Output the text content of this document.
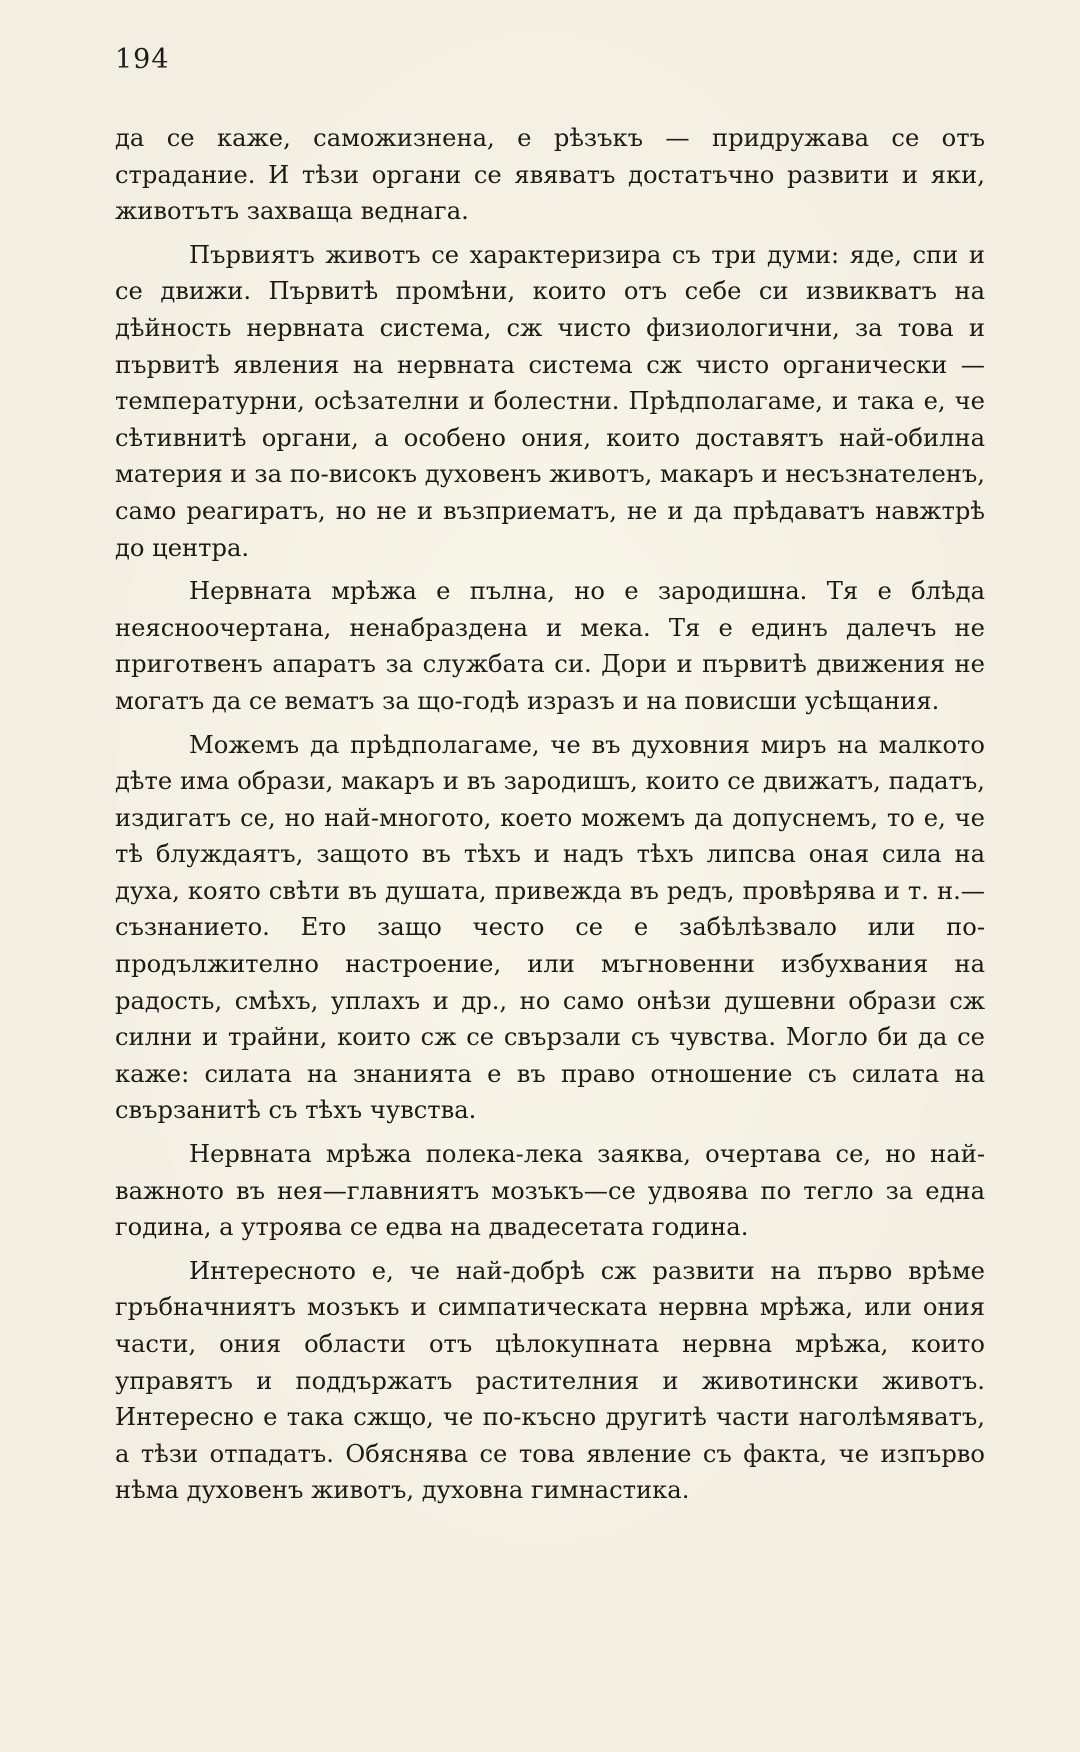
194

да се каже, саможизнена, е рѣзъкъ — придружава се отъ страдание. И тѣзи органи се явяватъ достатъчно развити и яки, животътъ захваща веднага.

Първиятъ животъ се характеризира съ три думи: яде, спи и се движи. Първитѣ промѣни, които отъ себе си извикватъ на дѣйность нервната система, сж чисто физиологични, за това и първитѣ явления на нервната система сж чисто органически — температурни, осѣзателни и болестни. Прѣдполагаме, и така е, че сѣтивнитѣ органи, а особено ония, които доставятъ най-обилна материя и за по-високъ духовенъ животъ, макаръ и несъзнателенъ, само реагиратъ, но не и възприематъ, не и да прѣдаватъ навжтрѣ до центра.

Нервната мрѣжа е пълна, но е зародишна. Тя е блѣда неясноочертана, ненабраздена и мека. Тя е единъ далечъ не приготвенъ апаратъ за службата си. Дори и първитѣ движения не могатъ да се вематъ за що-годѣ изразъ и на повисши усѣщания.

Можемъ да прѣдполагаме, че въ духовния миръ на малкото дѣте има образи, макаръ и въ зародишъ, които се движатъ, падатъ, издигатъ се, но най-многото, което можемъ да допуснемъ, то е, че тѣ блуждаятъ, защото въ тѣхъ и надъ тѣхъ липсва оная сила на духа, която свѣти въ душата, привежда въ редъ, провѣрява и т. н.—съзнанието. Ето защо често се е забѣлѣзвало или по-продължително настроение, или мъгновенни избухвания на радость, смѣхъ, уплахъ и др., но само онѣзи душевни образи сж силни и трайни, които сж се свързали съ чувства. Могло би да се каже: силата на знанията е въ право отношение съ силата на свързанитѣ съ тѣхъ чувства.

Нервната мрѣжа полека-лека заяква, очертава се, но най-важното въ нея—главниятъ мозъкъ—се удвоява по тегло за една година, а утроява се едва на двадесетата година.

Интересното е, че най-добрѣ сж развити на първо врѣме гръбначниятъ мозъкъ и симпатическата нервна мрѣжа, или ония части, ония области отъ цѣлокупната нервна мрѣжа, които управятъ и поддържатъ растителния и животински животъ. Интересно е така сжщо, че по-късно другитѣ части наголѣмяватъ, а тѣзи отпадатъ. Обяснява се това явление съ факта, че изпърво нѣма духовенъ животъ, духовна гимнастика.
